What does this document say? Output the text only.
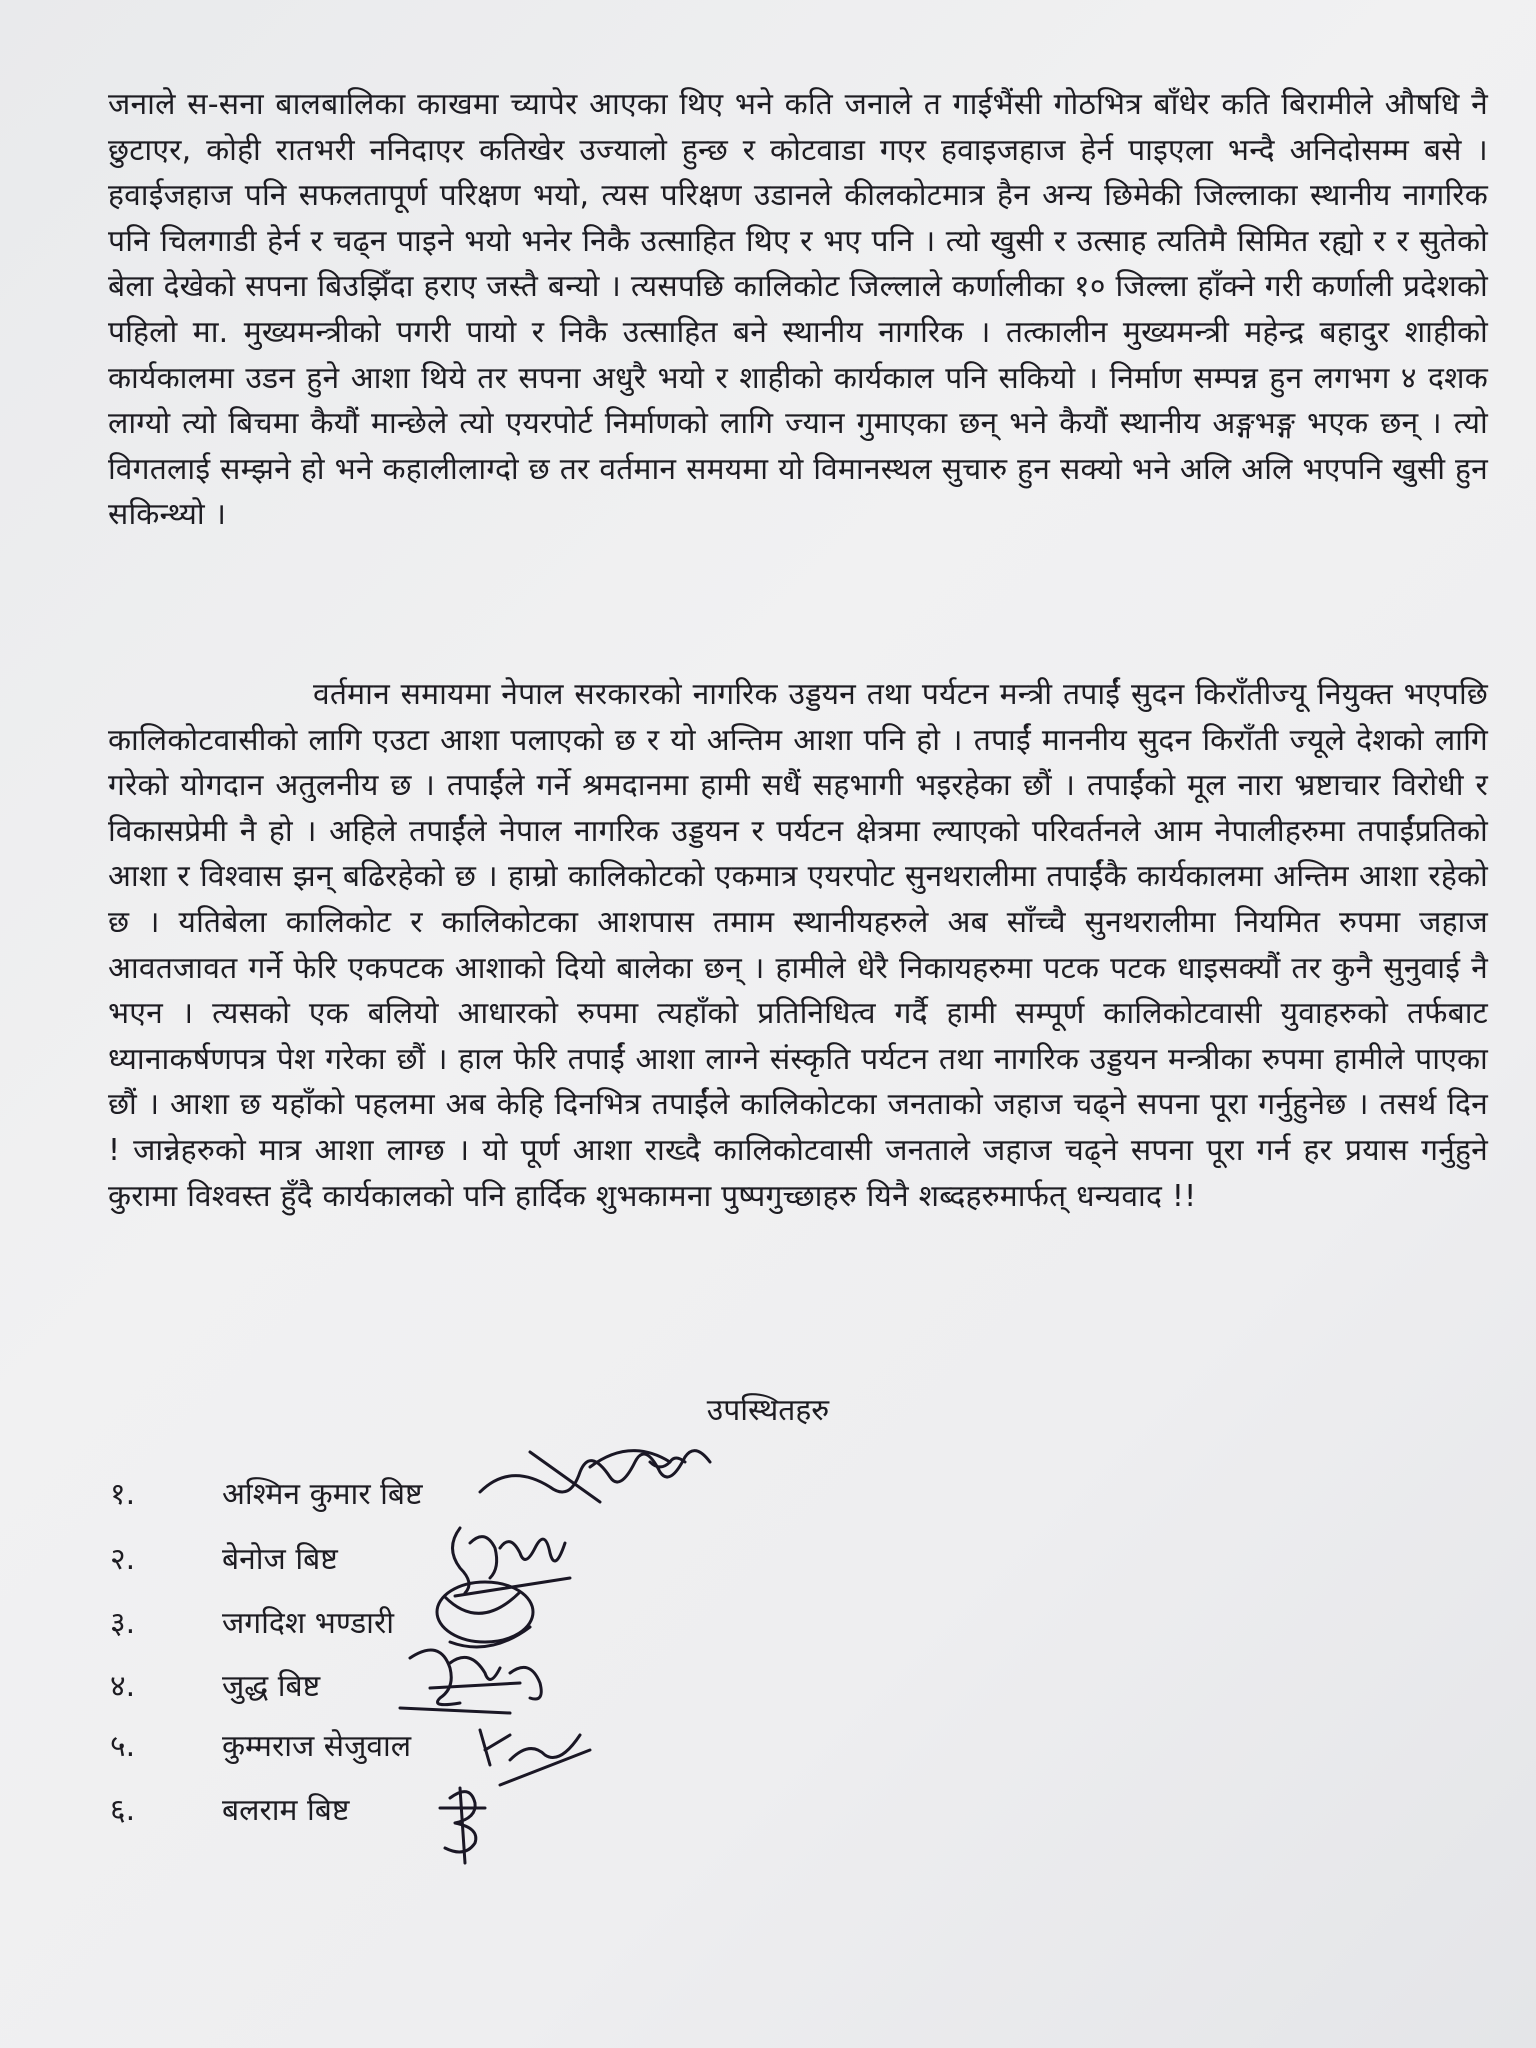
जनाले स-सना बालबालिका काखमा च्यापेर आएका थिए भने कति जनाले त गाईभैंसी गोठभित्र बाँधेर कति बिरामीले औषधि नै छुटाएर, कोही रातभरी ननिदाएर कतिखेर उज्यालो हुन्छ र कोटवाडा गएर हवाइजहाज हेर्न पाइएला भन्दै अनिदोसम्म बसे । हवाईजहाज पनि सफलतापूर्ण परिक्षण भयो, त्यस परिक्षण उडानले कीलकोटमात्र हैन अन्य छिमेकी जिल्लाका स्थानीय नागरिक पनि चिलगाडी हेर्न र चढ्न पाइने भयो भनेर निकै उत्साहित थिए र भए पनि । त्यो खुसी र उत्साह त्यतिमै सिमित रह्यो र र सुतेको बेला देखेको सपना बिउझिँदा हराए जस्तै बन्यो । त्यसपछि कालिकोट जिल्लाले कर्णालीका १० जिल्ला हाँक्ने गरी कर्णाली प्रदेशको पहिलो मा. मुख्यमन्त्रीको पगरी पायो र निकै उत्साहित बने स्थानीय नागरिक । तत्कालीन मुख्यमन्त्री महेन्द्र बहादुर शाहीको कार्यकालमा उडन हुने आशा थिये तर सपना अधुरै भयो र शाहीको कार्यकाल पनि सकियो । निर्माण सम्पन्न हुन लगभग ४ दशक लाग्यो त्यो बिचमा कैयौं मान्छेले त्यो एयरपोर्ट निर्माणको लागि ज्यान गुमाएका छन् भने कैयौं स्थानीय अङ्गभङ्ग भएक छन् । त्यो विगतलाई सम्झने हो भने कहालीलाग्दो छ तर वर्तमान समयमा यो विमानस्थल सुचारु हुन सक्यो भने अलि अलि भएपनि खुसी हुन सकिन्थ्यो ।
वर्तमान समायमा नेपाल सरकारको नागरिक उड्डयन तथा पर्यटन मन्त्री तपाईं सुदन किराँतीज्यू नियुक्त भएपछि कालिकोटवासीको लागि एउटा आशा पलाएको छ र यो अन्तिम आशा पनि हो । तपाईं माननीय सुदन किराँती ज्यूले देशको लागि गरेको योगदान अतुलनीय छ । तपाईंले गर्ने श्रमदानमा हामी सधैं सहभागी भइरहेका छौं । तपाईंको मूल नारा भ्रष्टाचार विरोधी र विकासप्रेमी नै हो । अहिले तपाईंले नेपाल नागरिक उड्डयन र पर्यटन क्षेत्रमा ल्याएको परिवर्तनले आम नेपालीहरुमा तपाईंप्रतिको आशा र विश्वास झन् बढिरहेको छ । हाम्रो कालिकोटको एकमात्र एयरपोट सुनथरालीमा तपाईंकै कार्यकालमा अन्तिम आशा रहेको छ । यतिबेला कालिकोट र कालिकोटका आशपास तमाम स्थानीयहरुले अब साँच्चै सुनथरालीमा नियमित रुपमा जहाज आवतजावत गर्ने फेरि एकपटक आशाको दियो बालेका छन् । हामीले धेरै निकायहरुमा पटक पटक धाइसक्यौं तर कुनै सुनुवाई नै भएन । त्यसको एक बलियो आधारको रुपमा त्यहाँको प्रतिनिधित्व गर्दै हामी सम्पूर्ण कालिकोटवासी युवाहरुको तर्फबाट ध्यानाकर्षणपत्र पेश गरेका छौं । हाल फेरि तपाईं आशा लाग्ने संस्कृति पर्यटन तथा नागरिक उड्डयन मन्त्रीका रुपमा हामीले पाएका छौं । आशा छ यहाँको पहलमा अब केहि दिनभित्र तपाईंले कालिकोटका जनताको जहाज चढ्ने सपना पूरा गर्नुहुनेछ । तसर्थ दिन ! जान्नेहरुको मात्र आशा लाग्छ । यो पूर्ण आशा राख्दै कालिकोटवासी जनताले जहाज चढ्ने सपना पूरा गर्न हर प्रयास गर्नुहुने कुरामा विश्वस्त हुँदै कार्यकालको पनि हार्दिक शुभकामना पुष्पगुच्छाहरु यिनै शब्दहरुमार्फत् धन्यवाद !!
उपस्थितहरु
१.	अश्मिन कुमार बिष्ट
२.	बेनोज बिष्ट
३.	जगदिश भण्डारी
४.	जुद्ध बिष्ट
५.	कुम्मराज सेजुवाल
६.	बलराम बिष्ट
